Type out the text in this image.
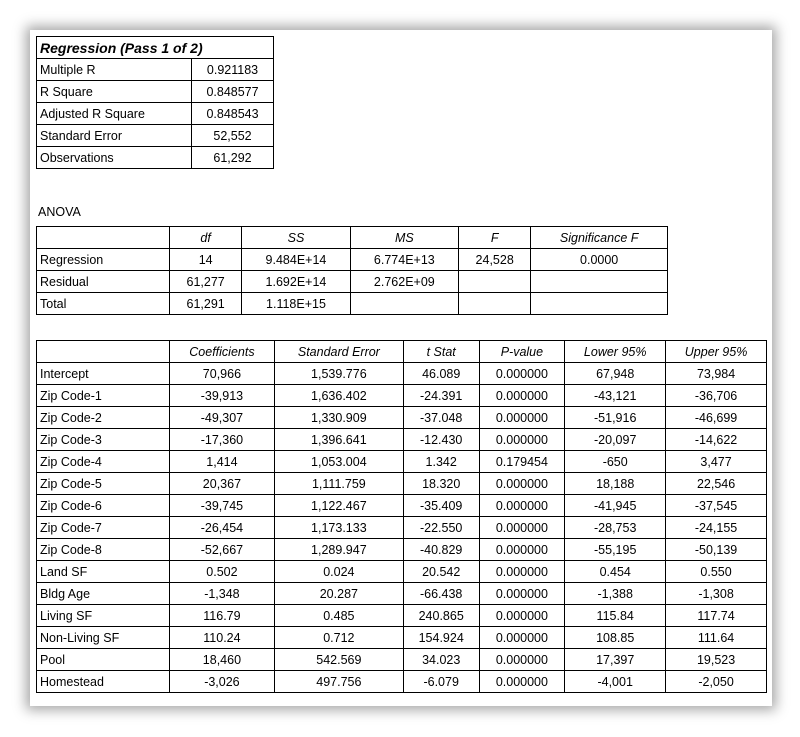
Regression (Pass 1 of 2)	
Multiple R	0.921183
R Square	0.848577
Adjusted R Square	0.848543
Standard Error	52,552
Observations	61,292
ANOVA
	df	SS	MS	F	Significance F
Regression	14	9.484E+14	6.774E+13	24,528	0.0000
Residual	61,277	1.692E+14	2.762E+09		
Total	61,291	1.118E+15			
	Coefficients	Standard Error	t Stat	P-value	Lower 95%	Upper 95%
Intercept	70,966	1,539.776	46.089	0.000000	67,948	73,984
Zip Code-1	-39,913	1,636.402	-24.391	0.000000	-43,121	-36,706
Zip Code-2	-49,307	1,330.909	-37.048	0.000000	-51,916	-46,699
Zip Code-3	-17,360	1,396.641	-12.430	0.000000	-20,097	-14,622
Zip Code-4	1,414	1,053.004	1.342	0.179454	-650	3,477
Zip Code-5	20,367	1,111.759	18.320	0.000000	18,188	22,546
Zip Code-6	-39,745	1,122.467	-35.409	0.000000	-41,945	-37,545
Zip Code-7	-26,454	1,173.133	-22.550	0.000000	-28,753	-24,155
Zip Code-8	-52,667	1,289.947	-40.829	0.000000	-55,195	-50,139
Land SF	0.502	0.024	20.542	0.000000	0.454	0.550
Bldg Age	-1,348	20.287	-66.438	0.000000	-1,388	-1,308
Living SF	116.79	0.485	240.865	0.000000	115.84	117.74
Non-Living SF	110.24	0.712	154.924	0.000000	108.85	111.64
Pool	18,460	542.569	34.023	0.000000	17,397	19,523
Homestead	-3,026	497.756	-6.079	0.000000	-4,001	-2,050
